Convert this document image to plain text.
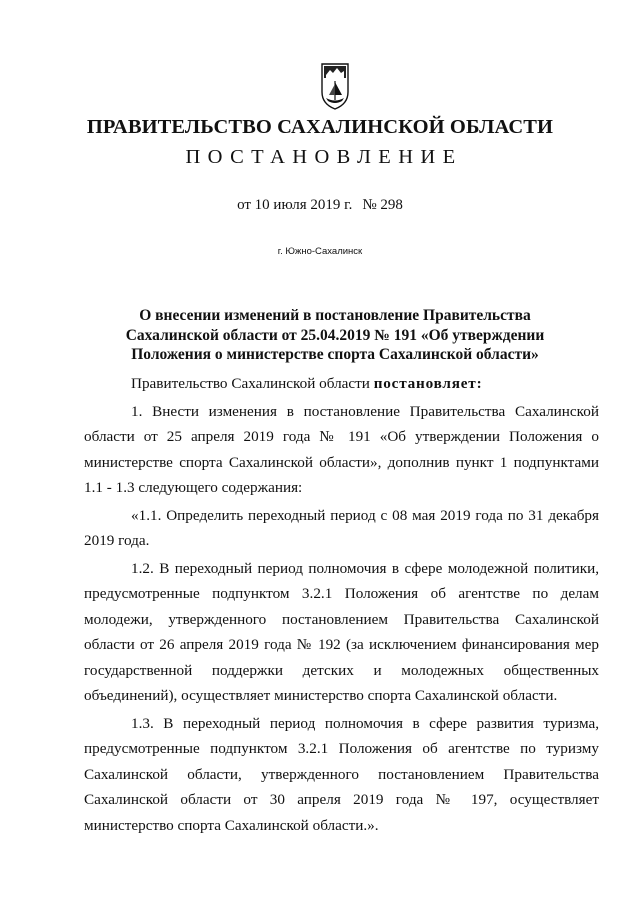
ПРАВИТЕЛЬСТВО САХАЛИНСКОЙ ОБЛАСТИ
ПОСТАНОВЛЕНИЕ
от 10 июля 2019 г. № 298
г. Южно-Сахалинск
О внесении изменений в постановление Правительства Сахалинской области от 25.04.2019 № 191 «Об утверждении Положения о министерстве спорта Сахалинской области»

Правительство Сахалинской области постановляет:

1. Внести изменения в постановление Правительства Сахалинской области от 25 апреля 2019 года № 191 «Об утверждении Положения о министерстве спорта Сахалинской области», дополнив пункт 1 подпунктами 1.1 - 1.3 следующего содержания:

«1.1. Определить переходный период с 08 мая 2019 года по 31 декабря 2019 года.

1.2. В переходный период полномочия в сфере молодежной политики, предусмотренные подпунктом 3.2.1 Положения об агентстве по делам молодежи, утвержденного постановлением Правительства Сахалинской области от 26 апреля 2019 года № 192 (за исключением финансирования мер государственной поддержки детских и молодежных общественных объединений), осуществляет министерство спорта Сахалинской области.

1.3. В переходный период полномочия в сфере развития туризма, предусмотренные подпунктом 3.2.1 Положения об агентстве по туризму Сахалинской области, утвержденного постановлением Правительства Сахалинской области от 30 апреля 2019 года № 197, осуществляет министерство спорта Сахалинской области.».
